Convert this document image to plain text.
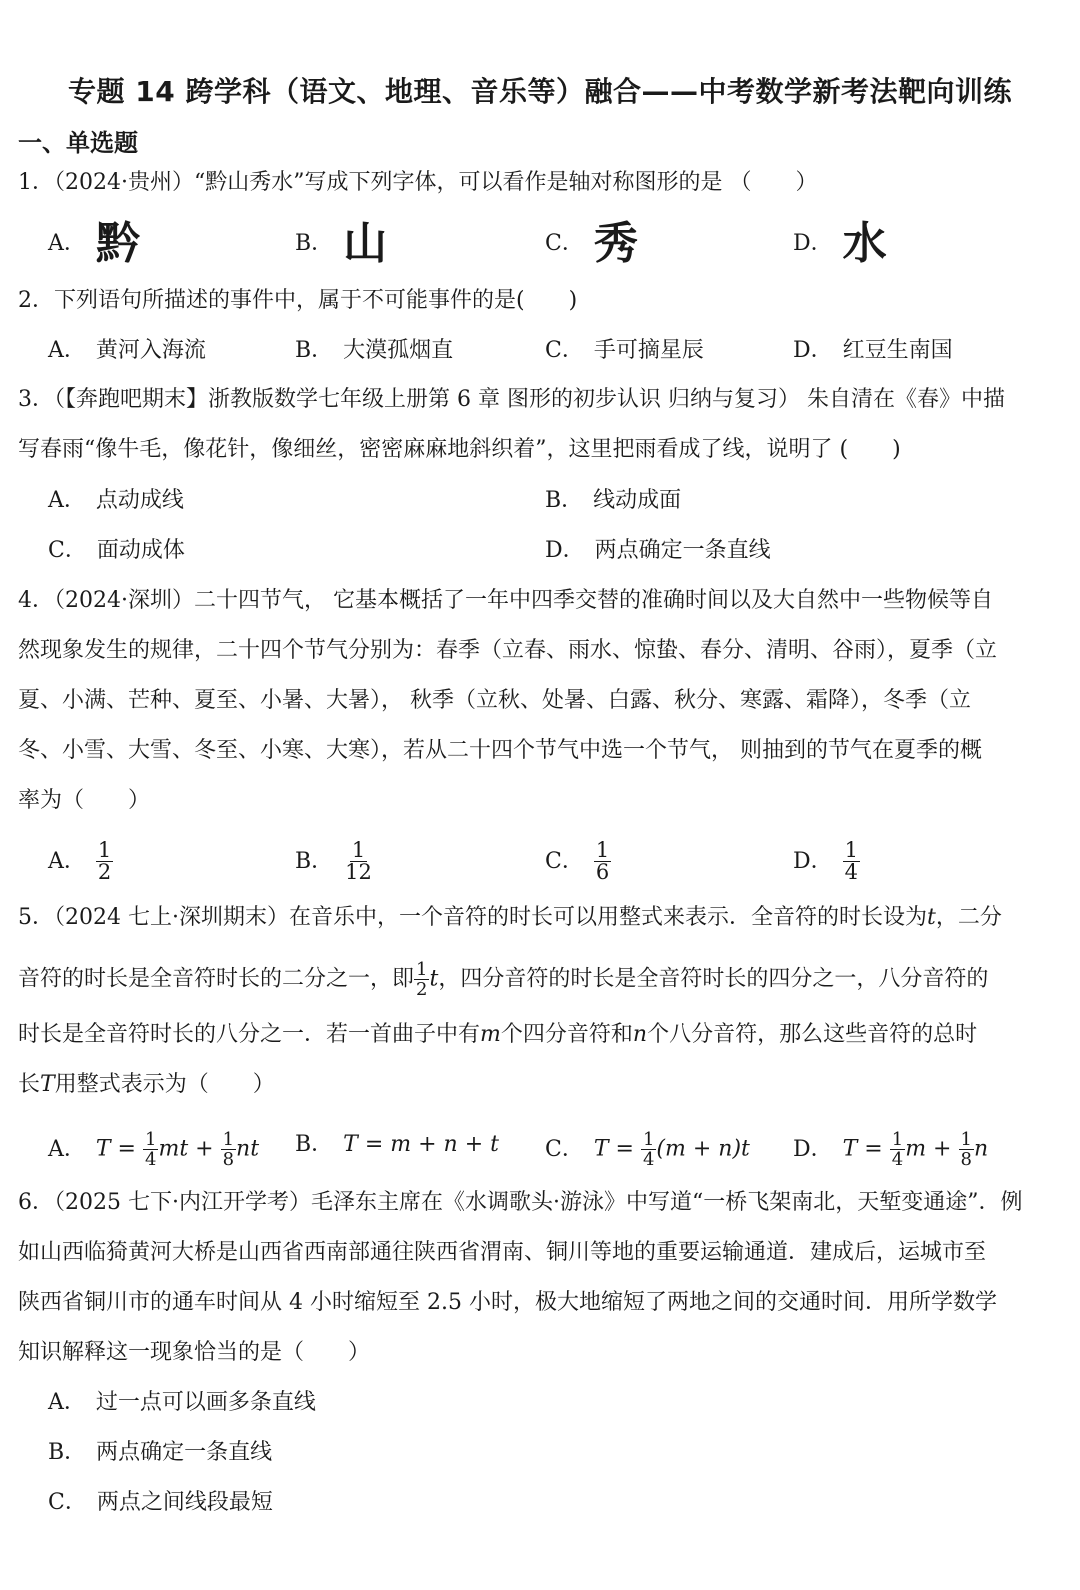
专题 14 跨学科（语文、地理、音乐等）融合——中考数学新考法靶向训练
一、单选题
1．（2024·贵州）“黔山秀水”写成下列字体，可以看作是轴对称图形的是 （　　）
A． 黔	B． 山	C． 秀	D． 水
2．下列语句所描述的事件中，属于不可能事件的是(　　)
A． 黄河入海流	B． 大漠孤烟直	C． 手可摘星辰	D． 红豆生南国
3．（【奔跑吧期末】浙教版数学七年级上册第 6 章 图形的初步认识 归纳与复习） 朱自清在《春》中描
写春雨“像牛毛，像花针，像细丝，密密麻麻地斜织着”，这里把雨看成了线，说明了 (　　)
A． 点动成线	B． 线动成面
C． 面动成体	D． 两点确定一条直线
4．（2024·深圳）二十四节气， 它基本概括了一年中四季交替的准确时间以及大自然中一些物候等自
然现象发生的规律，二十四个节气分别为：春季（立春、雨水、惊蛰、春分、清明、谷雨），夏季（立
夏、小满、芒种、夏至、小暑、大暑）， 秋季（立秋、处暑、白露、秋分、寒露、霜降），冬季（立
冬、小雪、大雪、冬至、小寒、大寒），若从二十四个节气中选一个节气， 则抽到的节气在夏季的概
率为（　　）
A． $\frac{1}{2}$	B． $\frac{1}{12}$	C． $\frac{1}{6}$	D． $\frac{1}{4}$
5．（2024 七上·深圳期末）在音乐中，一个音符的时长可以用整式来表示．全音符的时长设为t，二分
音符的时长是全音符时长的二分之一，即 $\frac{1}{2}$ t，四分音符的时长是全音符时长的四分之一，八分音符的
时长是全音符时长的八分之一．若一首曲子中有m个四分音符和n个八分音符，那么这些音符的总时
长T用整式表示为（　　）
A． $T = \frac{1}{4}$ mt + $\frac{1}{8}$ nt B． T = m + n + t C． $T = \frac{1}{4} (m + n)t$ D． $T = \frac{1}{4}$ $m + \frac{1}{8}$ n
6．（2025 七下·内江开学考）毛泽东主席在《水调歌头·游泳》中写道“一桥飞架南北，天堑变通途”．例
如山西临猗黄河大桥是山西省西南部通往陕西省渭南、铜川等地的重要运输通道．建成后，运城市至
陕西省铜川市的通车时间从 4 小时缩短至 2.5 小时，极大地缩短了两地之间的交通时间．用所学数学
知识解释这一现象恰当的是（　　）
A． 过一点可以画多条直线
B． 两点确定一条直线
C． 两点之间线段最短
